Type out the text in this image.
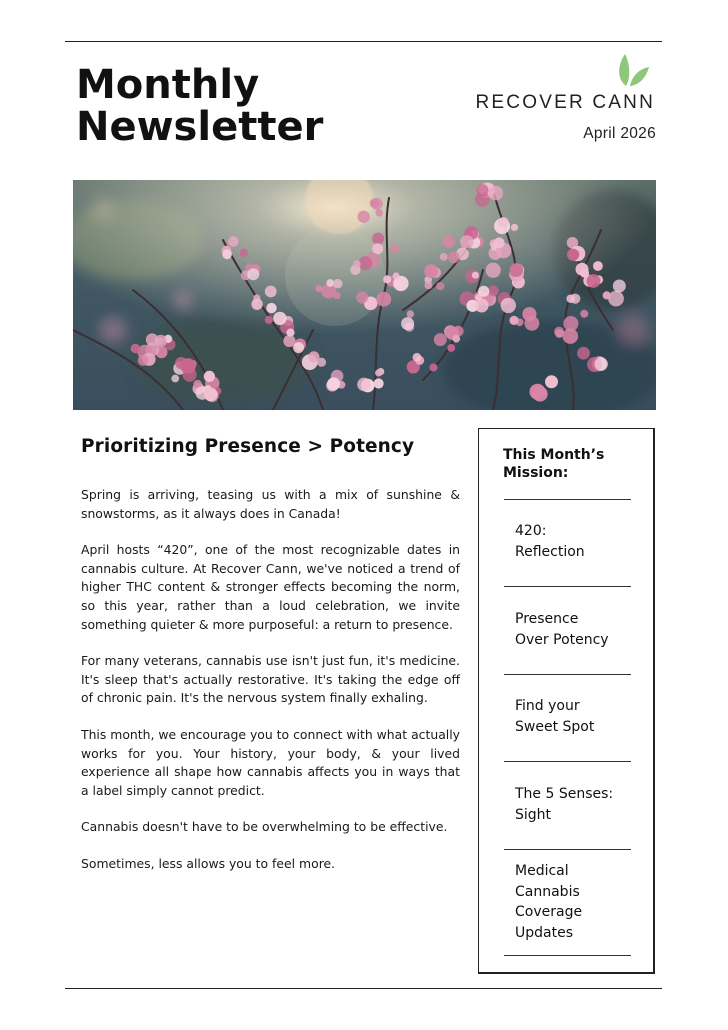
Monthly
Newsletter
RECOVER CANN
April 2026
Prioritizing Presence > Potency

Spring is arriving, teasing us with a mix of sunshine & snowstorms, as it always does in Canada!

April hosts “420”, one of the most recognizable dates in cannabis culture. At Recover Cann, we've noticed a trend of higher THC content & stronger effects becoming the norm, so this year, rather than a loud celebration, we invite something quieter & more purposeful: a return to presence.

For many veterans, cannabis use isn't just fun, it's medicine. It's sleep that's actually restorative. It's taking the edge off of chronic pain. It's the nervous system finally exhaling.

This month, we encourage you to connect with what actually works for you. Your history, your body, & your lived experience all shape how cannabis affects you in ways that a label simply cannot predict.

Cannabis doesn't have to be overwhelming to be effective.

Sometimes, less allows you to feel more.

This Month’s Mission:
420:
Reflection
Presence
Over Potency
Find your
Sweet Spot
The 5 Senses:
Sight
Medical
Cannabis
Coverage
Updates
